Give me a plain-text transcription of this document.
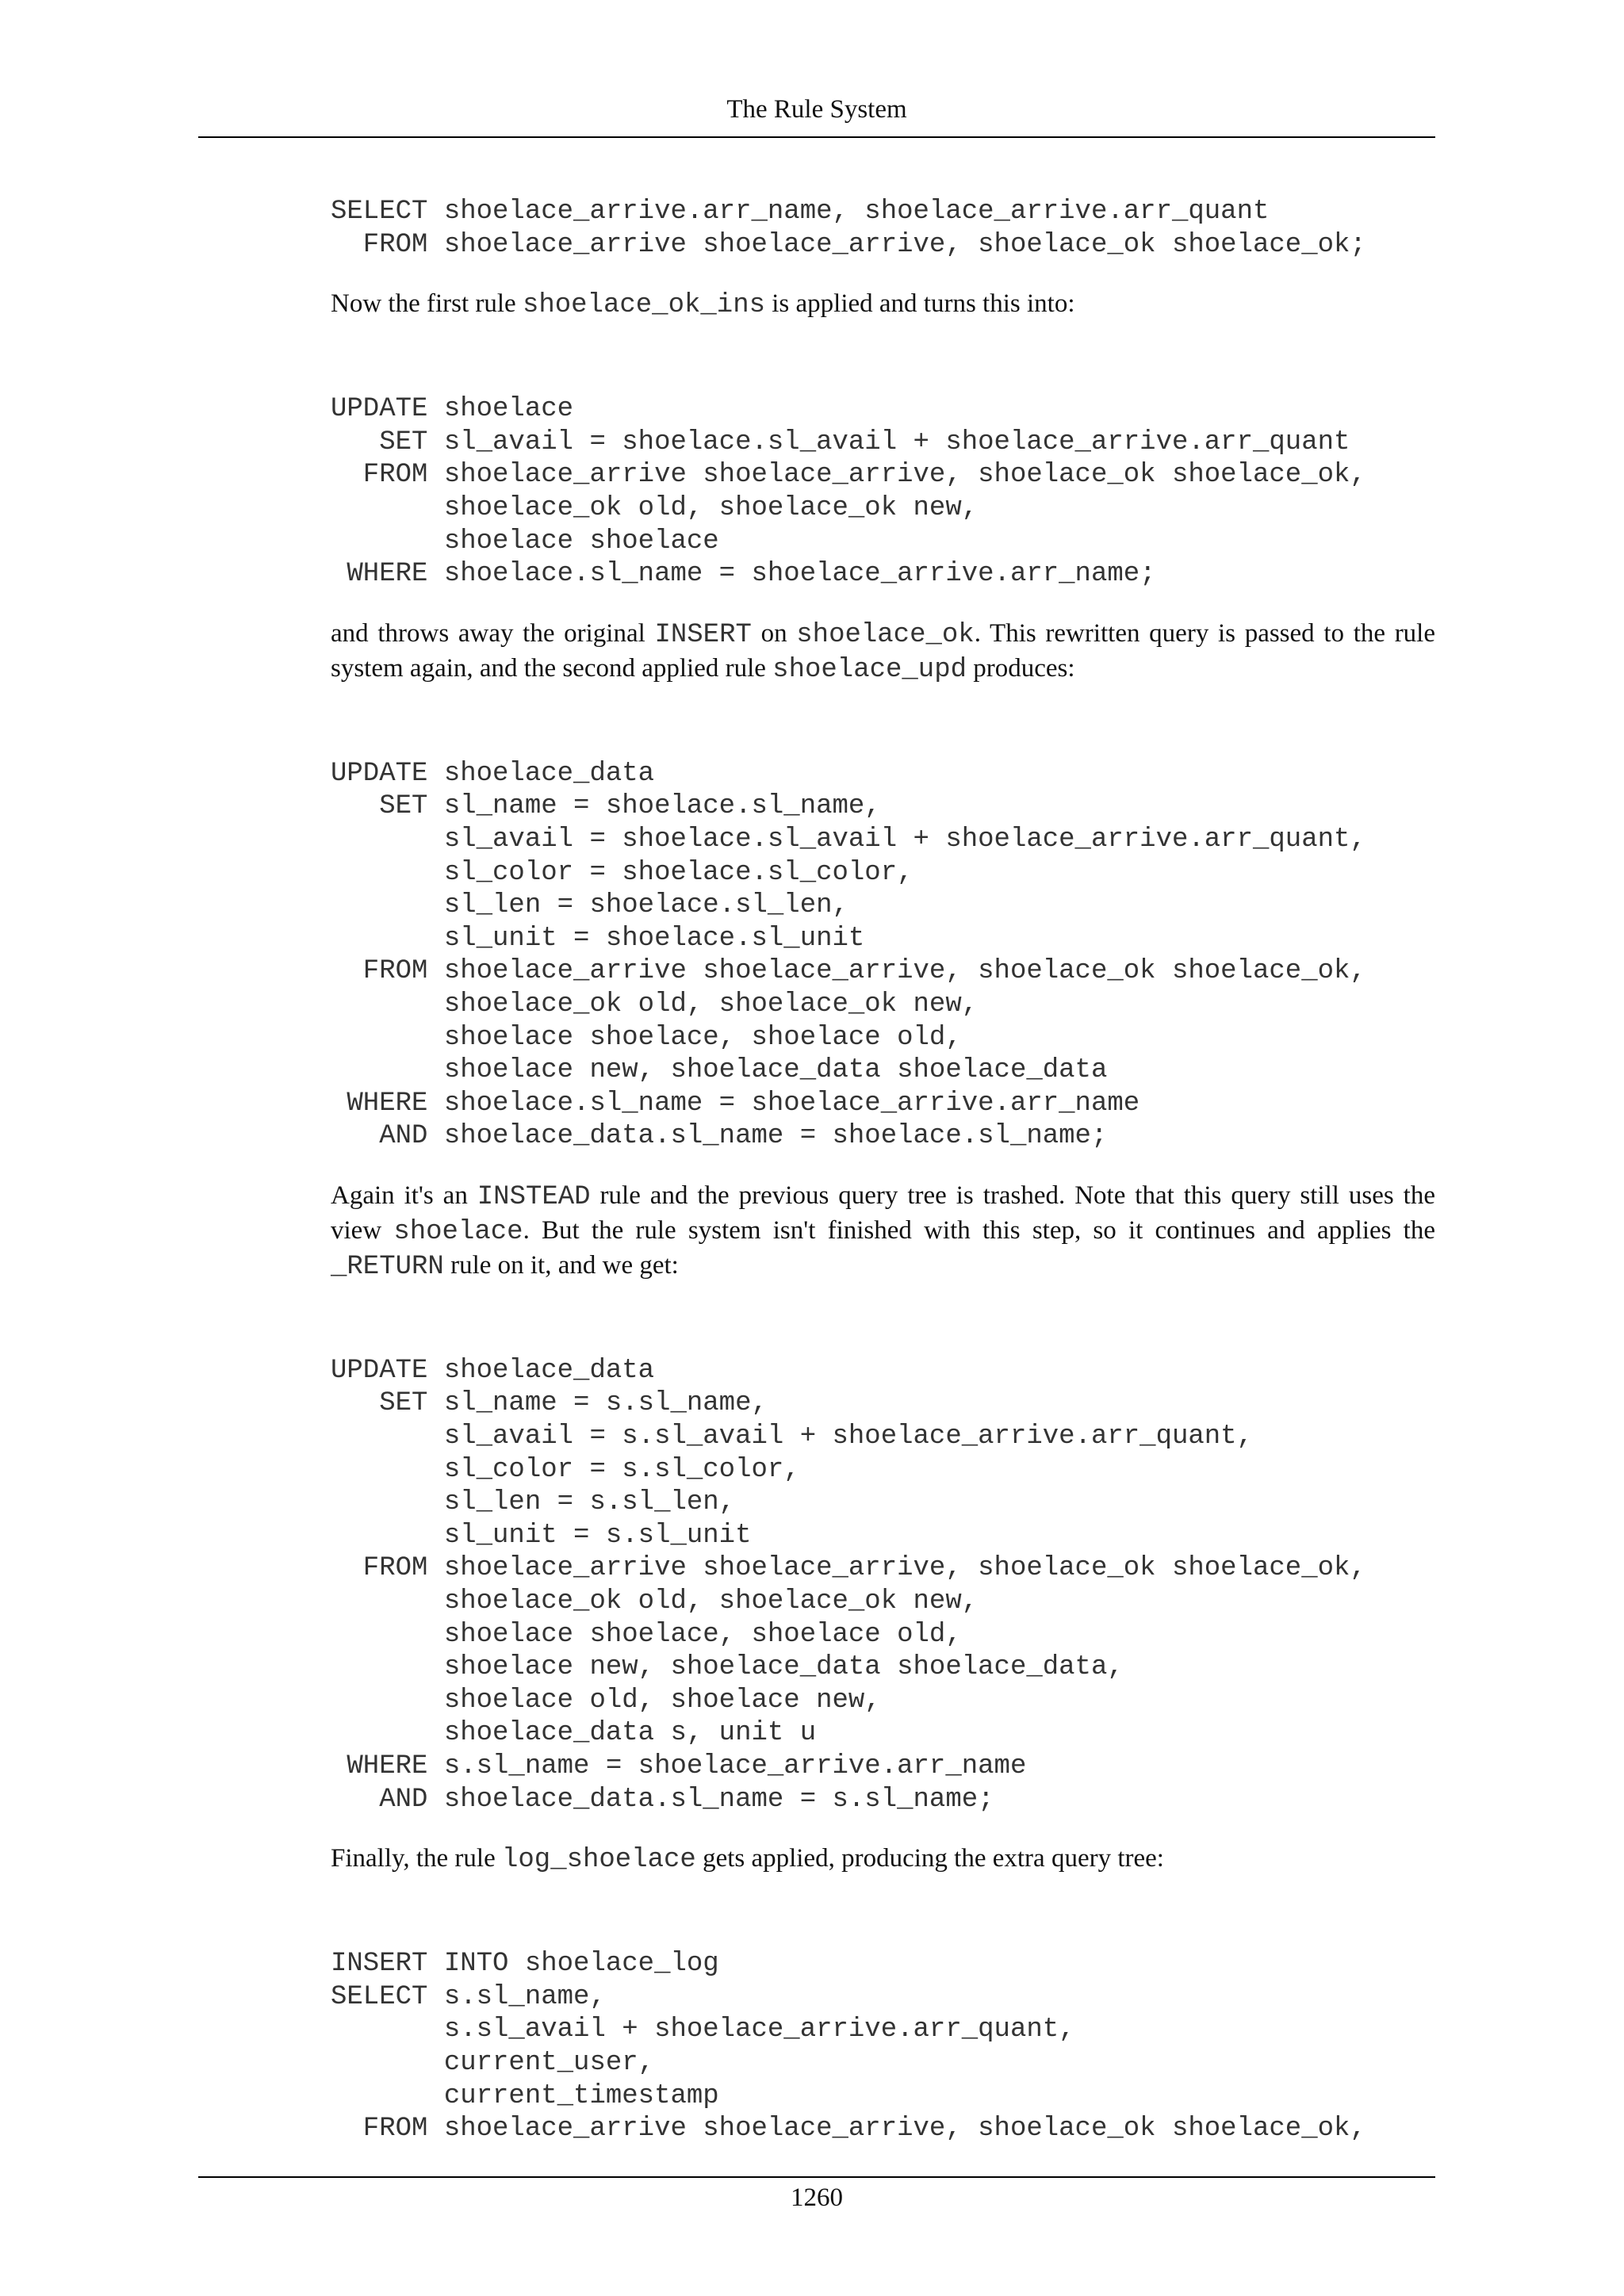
The Rule System
SELECT shoelace_arrive.arr_name, shoelace_arrive.arr_quant
FROM shoelace_arrive shoelace_arrive, shoelace_ok shoelace_ok;

Now the first rule shoelace_ok_ins is applied and turns this into:

UPDATE shoelace
SET sl_avail = shoelace.sl_avail + shoelace_arrive.arr_quant
FROM shoelace_arrive shoelace_arrive, shoelace_ok shoelace_ok,
shoelace_ok old, shoelace_ok new,
shoelace shoelace
WHERE shoelace.sl_name = shoelace_arrive.arr_name;

and throws away the original INSERT on shoelace_ok. This rewritten query is passed to the rule system again, and the second applied rule shoelace_upd produces:

UPDATE shoelace_data
SET sl_name = shoelace.sl_name,
sl_avail = shoelace.sl_avail + shoelace_arrive.arr_quant,
sl_color = shoelace.sl_color,
sl_len = shoelace.sl_len,
sl_unit = shoelace.sl_unit
FROM shoelace_arrive shoelace_arrive, shoelace_ok shoelace_ok,
shoelace_ok old, shoelace_ok new,
shoelace shoelace, shoelace old,
shoelace new, shoelace_data shoelace_data
WHERE shoelace.sl_name = shoelace_arrive.arr_name
AND shoelace_data.sl_name = shoelace.sl_name;

Again it's an INSTEAD rule and the previous query tree is trashed. Note that this query still uses the view shoelace. But the rule system isn't finished with this step, so it continues and applies the _RETURN rule on it, and we get:

UPDATE shoelace_data
SET sl_name = s.sl_name,
sl_avail = s.sl_avail + shoelace_arrive.arr_quant,
sl_color = s.sl_color,
sl_len = s.sl_len,
sl_unit = s.sl_unit
FROM shoelace_arrive shoelace_arrive, shoelace_ok shoelace_ok,
shoelace_ok old, shoelace_ok new,
shoelace shoelace, shoelace old,
shoelace new, shoelace_data shoelace_data,
shoelace old, shoelace new,
shoelace_data s, unit u
WHERE s.sl_name = shoelace_arrive.arr_name
AND shoelace_data.sl_name = s.sl_name;

Finally, the rule log_shoelace gets applied, producing the extra query tree:

INSERT INTO shoelace_log
SELECT s.sl_name,
s.sl_avail + shoelace_arrive.arr_quant,
current_user,
current_timestamp
FROM shoelace_arrive shoelace_arrive, shoelace_ok shoelace_ok,
1260
